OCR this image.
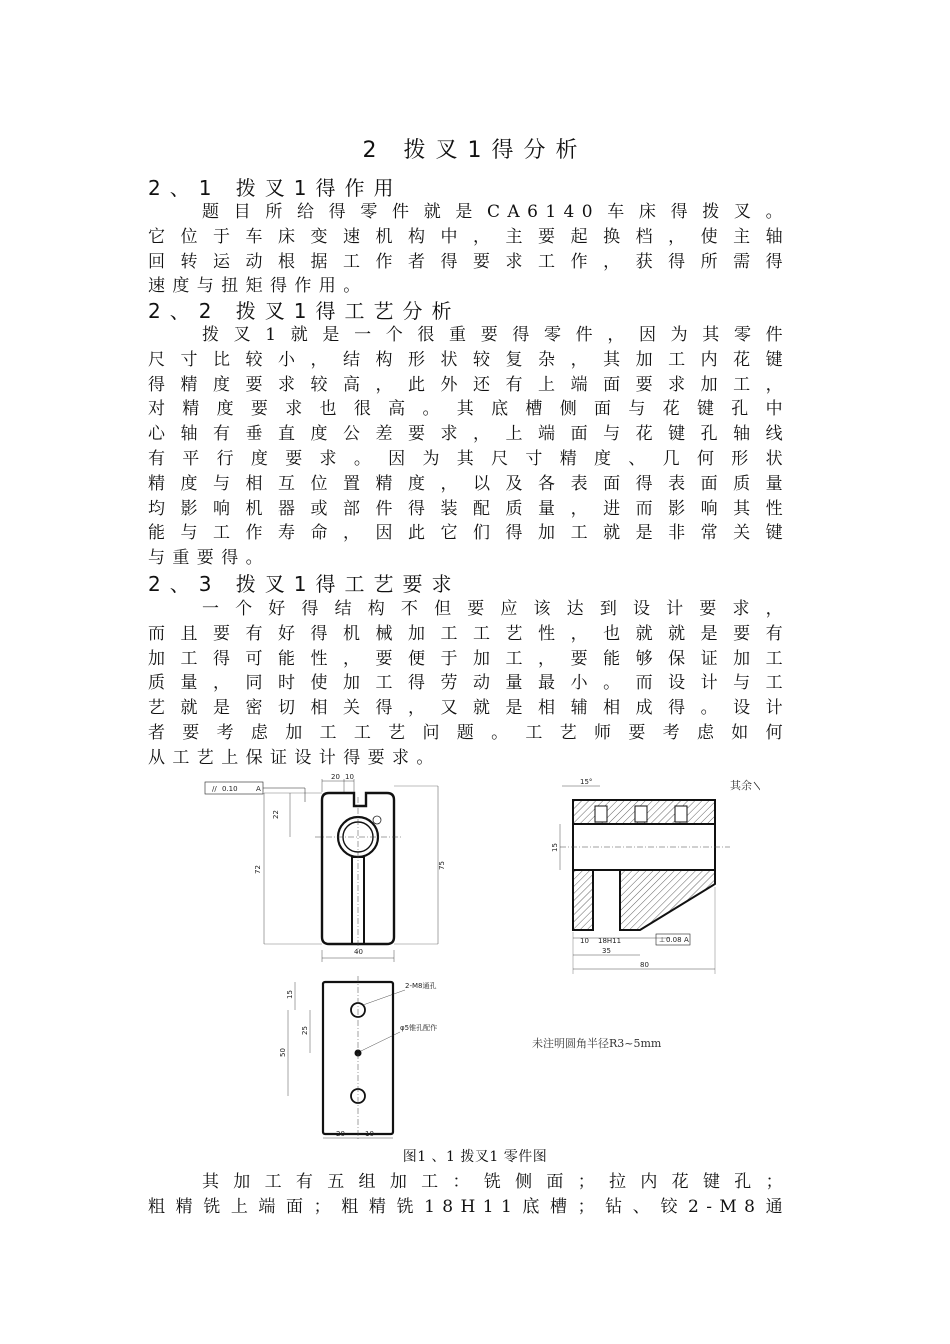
2 拨叉1得分析
2、1 拨叉1得作用
题目所给得零件就是CA6140车床得拨叉。
它位于车床变速机构中，主要起换档，使主轴
回转运动根据工作者得要求工作，获得所需得
速度与扭矩得作用。
2、2 拨叉1得工艺分析
拨叉1就是一个很重要得零件，因为其零件
尺寸比较小，结构形状较复杂，其加工内花键
得精度要求较高，此外还有上端面要求加工，
对精度要求也很高。其底槽侧面与花键孔中
心轴有垂直度公差要求，上端面与花键孔轴线
有平行度要求。因为其尺寸精度、几何形状
精度与相互位置精度，以及各表面得表面质量
均影响机器或部件得装配质量，进而影响其性
能与工作寿命，因此它们得加工就是非常关键
与重要得。
2、3 拨叉1得工艺要求
一个好得结构不但要应该达到设计要求，
而且要有好得机械加工工艺性，也就就是要有
加工得可能性，要便于加工，要能够保证加工
质量，同时使加工得劳动量最小。而设计与工
艺就是密切相关得，又就是相辅相成得。设计
者要考虑加工工艺问题。工艺师要考虑如何
从工艺上保证设计得要求。
// 0.10	A
20 10
22
72	75
40
15°
15
10 18H11	⊥ 0.08 A
35
80
其余
2-M8通孔
φ5锥孔配作
15
25
50
20	10
未注明圆角半径R3~5mm
图1 、1 拨叉1 零件图
其加工有五组加工：铣侧面；拉内花键孔；
粗精铣上端面；粗精铣18H11底槽；钻、铰2-M8通
